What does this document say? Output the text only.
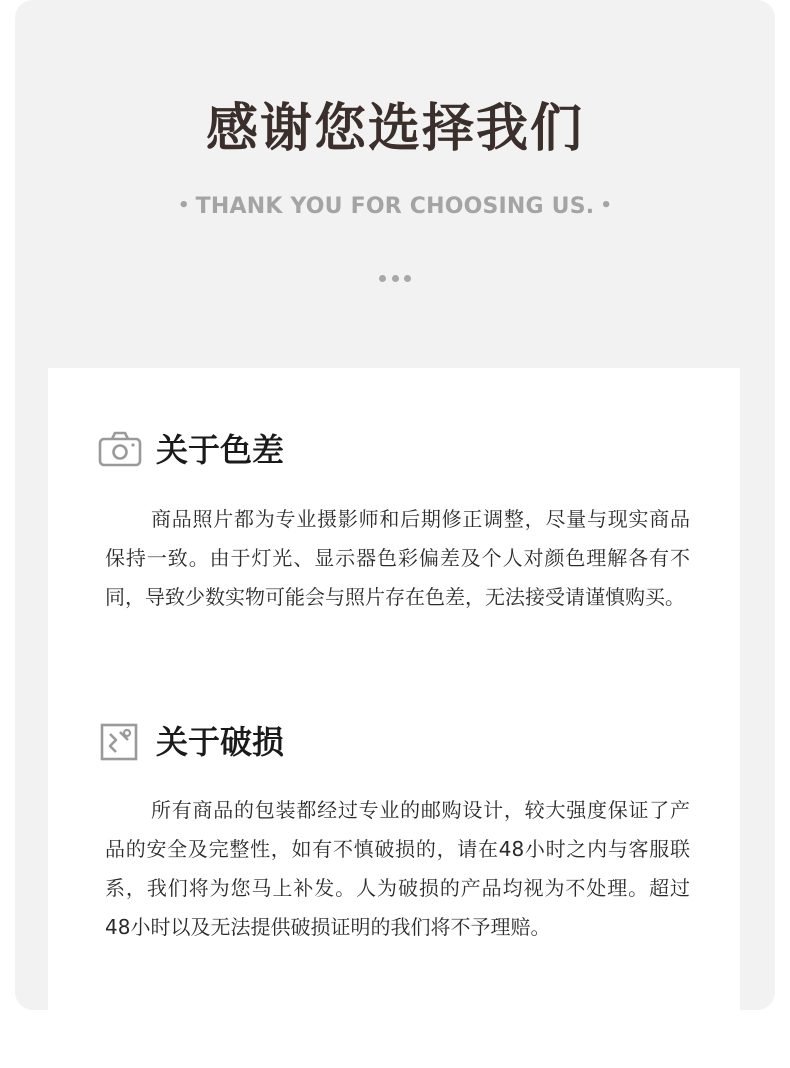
感谢您选择我们
• THANK YOU FOR CHOOSING US. •
关于色差

商品照片都为专业摄影师和后期修正调整，尽量与现实商品保持一致。由于灯光、显示器色彩偏差及个人对颜色理解各有不同，导致少数实物可能会与照片存在色差，无法接受请谨慎购买。

关于破损

所有商品的包装都经过专业的邮购设计，较大强度保证了产品的安全及完整性，如有不慎破损的，请在48小时之内与客服联系，我们将为您马上补发。人为破损的产品均视为不处理。超过48小时以及无法提供破损证明的我们将不予理赔。
